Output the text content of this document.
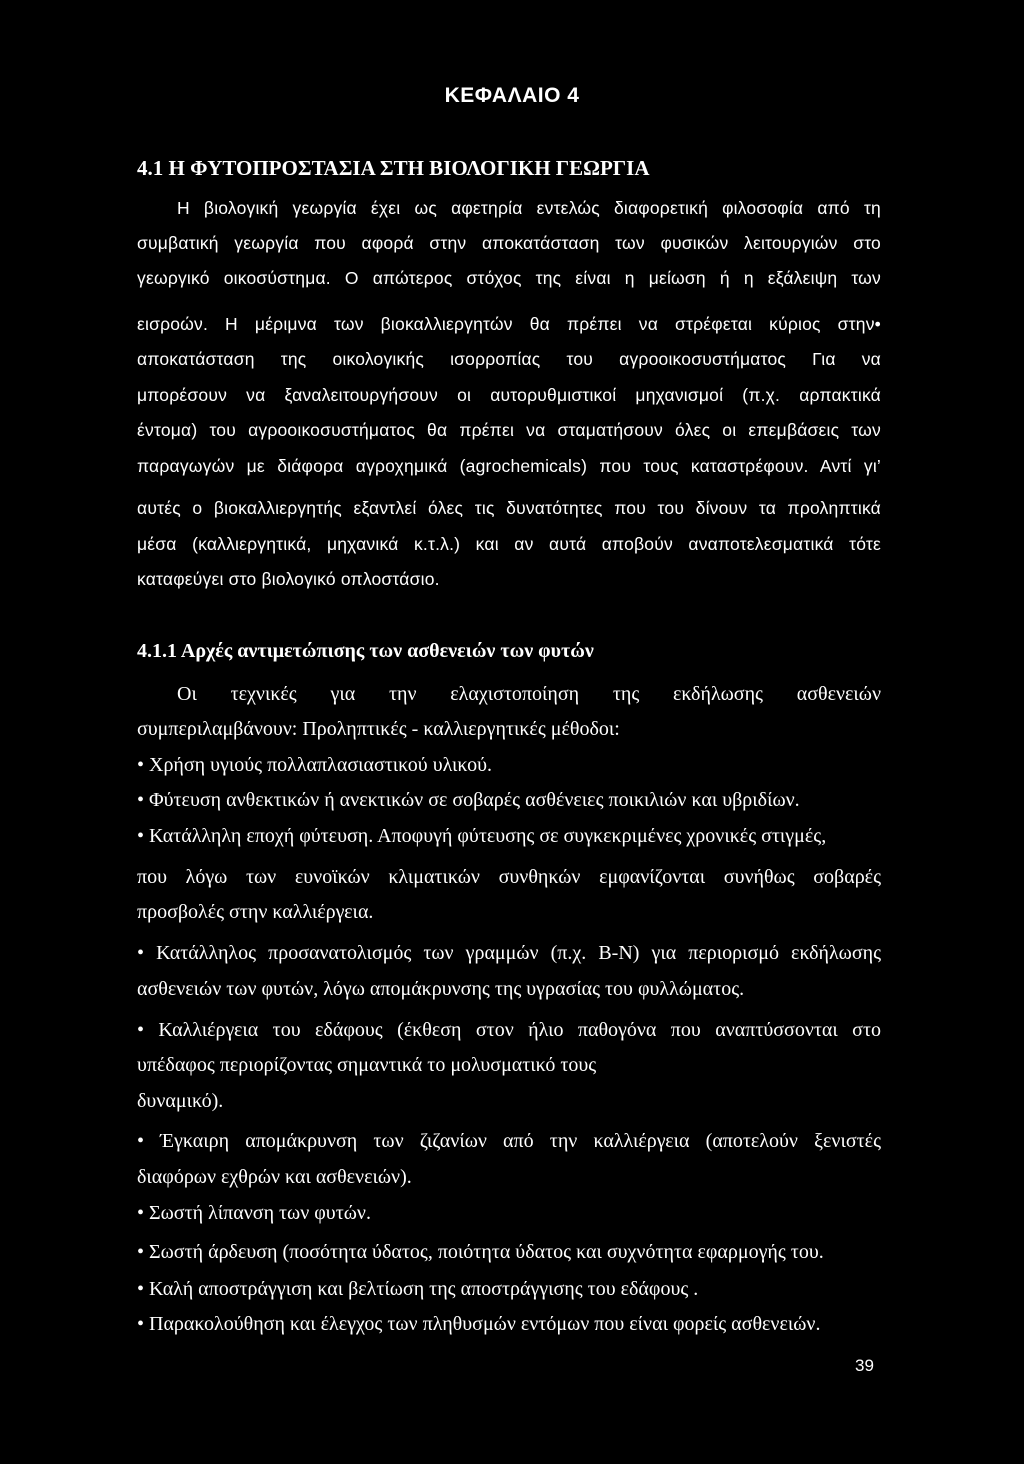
ΚΕΦΑΛΑΙΟ 4
4.1 Η ΦΥΤΟΠΡΟΣΤΑΣΙΑ ΣΤΗ ΒΙΟΛΟΓΙΚΗ ΓΕΩΡΓΙΑ
Η βιολογική γεωργία έχει ως αφετηρία εντελώς διαφορετική φιλοσοφία από τη
συμβατική γεωργία που αφορά στην αποκατάσταση των φυσικών λειτουργιών στο
γεωργικό οικοσύστημα. Ο απώτερος στόχος της είναι η μείωση ή η εξάλειψη των
εισροών. Η μέριμνα των βιοκαλλιεργητών θα πρέπει να στρέφεται κύριος στην•
αποκατάσταση της οικολογικής ισορροπίας του αγροοικοσυστήματος Για να
μπορέσουν να ξαναλειτουργήσουν οι αυτορυθμιστικοί μηχανισμοί (π.χ. αρπακτικά
έντομα) του αγροοικοσυστήματος θα πρέπει να σταματήσουν όλες οι επεμβάσεις των
παραγωγών με διάφορα αγροχημικά (agrochemicals) που τους καταστρέφουν. Αντί γι’
αυτές ο βιοκαλλιεργητής εξαντλεί όλες τις δυνατότητες που του δίνουν τα προληπτικά
μέσα (καλλιεργητικά, μηχανικά κ.τ.λ.) και αν αυτά αποβούν αναποτελεσματικά τότε
καταφεύγει στο βιολογικό οπλοστάσιο.
4.1.1 Αρχές αντιμετώπισης των ασθενειών των φυτών
Οι τεχνικές για την ελαχιστοποίηση της εκδήλωσης ασθενειών
συμπεριλαμβάνουν: Προληπτικές - καλλιεργητικές μέθοδοι:
• Χρήση υγιούς πολλαπλασιαστικού υλικού.
• Φύτευση ανθεκτικών ή ανεκτικών σε σοβαρές ασθένειες ποικιλιών και υβριδίων.
• Κατάλληλη εποχή φύτευση. Αποφυγή φύτευσης σε συγκεκριμένες χρονικές στιγμές,
που λόγω των ευνοϊκών κλιματικών συνθηκών εμφανίζονται συνήθως σοβαρές
προσβολές στην καλλιέργεια.
• Κατάλληλος προσανατολισμός των γραμμών (π.χ. Β-Ν) για περιορισμό εκδήλωσης
ασθενειών των φυτών, λόγω απομάκρυνσης της υγρασίας του φυλλώματος.
• Καλλιέργεια του εδάφους (έκθεση στον ήλιο παθογόνα που αναπτύσσονται στο
υπέδαφος περιορίζοντας σημαντικά το μολυσματικό τους
δυναμικό).
• Έγκαιρη απομάκρυνση των ζιζανίων από την καλλιέργεια (αποτελούν ξενιστές
διαφόρων εχθρών και ασθενειών).
• Σωστή λίπανση των φυτών.
• Σωστή άρδευση (ποσότητα ύδατος, ποιότητα ύδατος και συχνότητα εφαρμογής του.
• Καλή αποστράγγιση και βελτίωση της αποστράγγισης του εδάφους .
• Παρακολούθηση και έλεγχος των πληθυσμών εντόμων που είναι φορείς ασθενειών.
39
